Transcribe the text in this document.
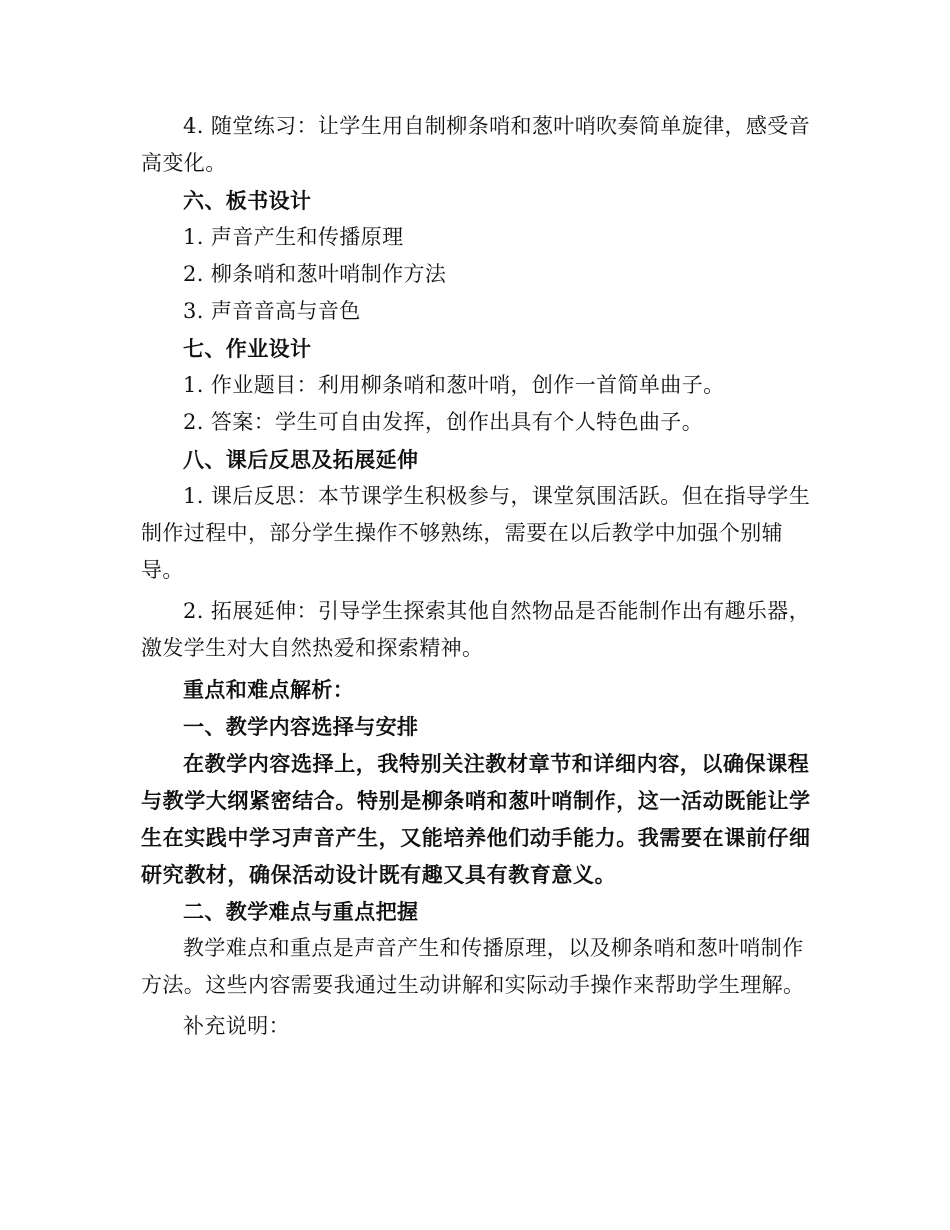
4. 随堂练习：让学生用自制柳条哨和葱叶哨吹奏简单旋律，感受音高变化。

六、板书设计

1. 声音产生和传播原理

2. 柳条哨和葱叶哨制作方法

3. 声音音高与音色

七、作业设计

1. 作业题目：利用柳条哨和葱叶哨，创作一首简单曲子。

2. 答案：学生可自由发挥，创作出具有个人特色曲子。

八、课后反思及拓展延伸

1. 课后反思：本节课学生积极参与，课堂氛围活跃。但在指导学生制作过程中，部分学生操作不够熟练，需要在以后教学中加强个别辅导。

2. 拓展延伸：引导学生探索其他自然物品是否能制作出有趣乐器，激发学生对大自然热爱和探索精神。

重点和难点解析：

一、教学内容选择与安排

在教学内容选择上，我特别关注教材章节和详细内容，以确保课程与教学大纲紧密结合。特别是柳条哨和葱叶哨制作，这一活动既能让学生在实践中学习声音产生，又能培养他们动手能力。我需要在课前仔细研究教材，确保活动设计既有趣又具有教育意义。

二、教学难点与重点把握

教学难点和重点是声音产生和传播原理，以及柳条哨和葱叶哨制作方法。这些内容需要我通过生动讲解和实际动手操作来帮助学生理解。

补充说明：
